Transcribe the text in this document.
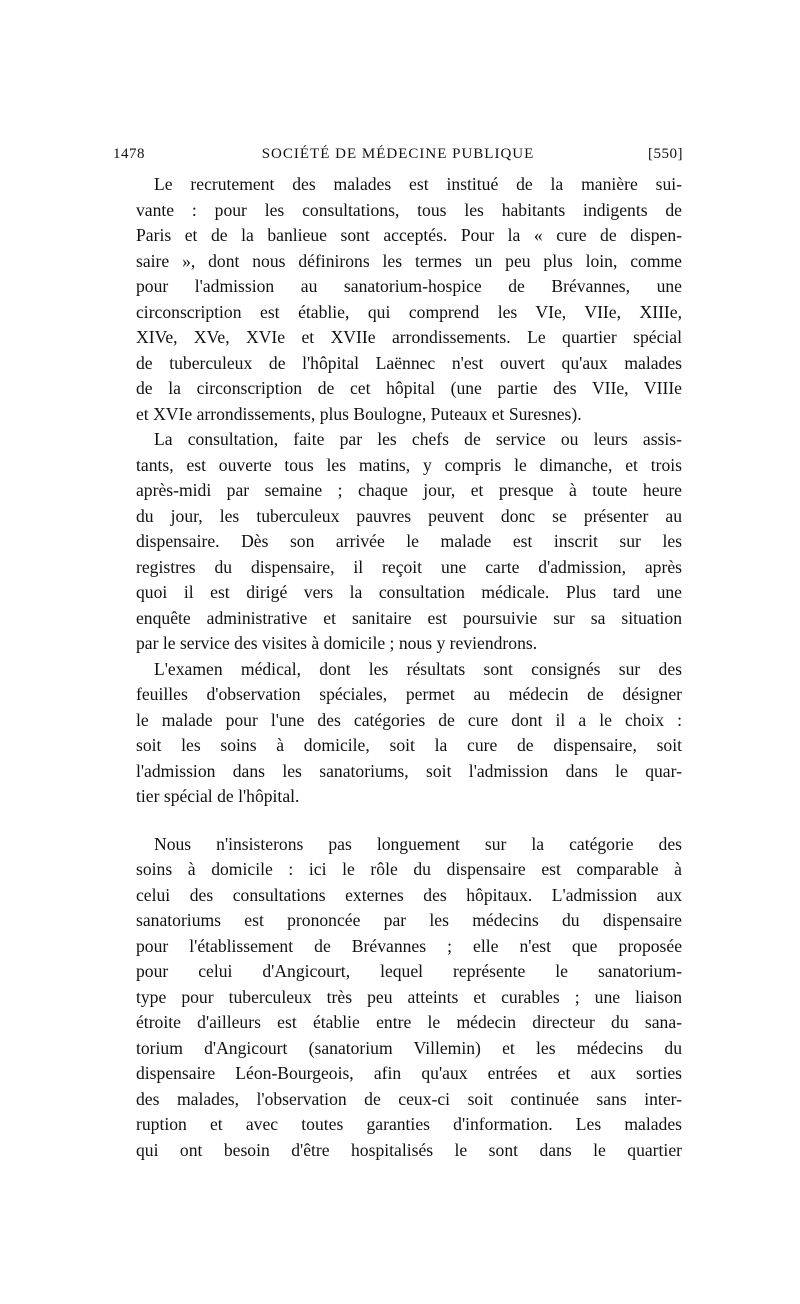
1478	SOCIÉTÉ DE MÉDECINE PUBLIQUE	[550]
Le recrutement des malades est institué de la manière sui-
vante : pour les consultations, tous les habitants indigents de
Paris et de la banlieue sont acceptés. Pour la « cure de dispen-
saire », dont nous définirons les termes un peu plus loin, comme
pour l'admission au sanatorium-hospice de Brévannes, une
circonscription est établie, qui comprend les VIe, VIIe, XIIIe,
XIVe, XVe, XVIe et XVIIe arrondissements. Le quartier spécial
de tuberculeux de l'hôpital Laënnec n'est ouvert qu'aux malades
de la circonscription de cet hôpital (une partie des VIIe, VIIIe
et XVIe arrondissements, plus Boulogne, Puteaux et Suresnes).
La consultation, faite par les chefs de service ou leurs assis-
tants, est ouverte tous les matins, y compris le dimanche, et trois
après-midi par semaine ; chaque jour, et presque à toute heure
du jour, les tuberculeux pauvres peuvent donc se présenter au
dispensaire. Dès son arrivée le malade est inscrit sur les
registres du dispensaire, il reçoit une carte d'admission, après
quoi il est dirigé vers la consultation médicale. Plus tard une
enquête administrative et sanitaire est poursuivie sur sa situation
par le service des visites à domicile ; nous y reviendrons.
L'examen médical, dont les résultats sont consignés sur des
feuilles d'observation spéciales, permet au médecin de désigner
le malade pour l'une des catégories de cure dont il a le choix :
soit les soins à domicile, soit la cure de dispensaire, soit
l'admission dans les sanatoriums, soit l'admission dans le quar-
tier spécial de l'hôpital.
Nous n'insisterons pas longuement sur la catégorie des
soins à domicile : ici le rôle du dispensaire est comparable à
celui des consultations externes des hôpitaux. L'admission aux
sanatoriums est prononcée par les médecins du dispensaire
pour l'établissement de Brévannes ; elle n'est que proposée
pour celui d'Angicourt, lequel représente le sanatorium-
type pour tuberculeux très peu atteints et curables ; une liaison
étroite d'ailleurs est établie entre le médecin directeur du sana-
torium d'Angicourt (sanatorium Villemin) et les médecins du
dispensaire Léon-Bourgeois, afin qu'aux entrées et aux sorties
des malades, l'observation de ceux-ci soit continuée sans inter-
ruption et avec toutes garanties d'information. Les malades
qui ont besoin d'être hospitalisés le sont dans le quartier
